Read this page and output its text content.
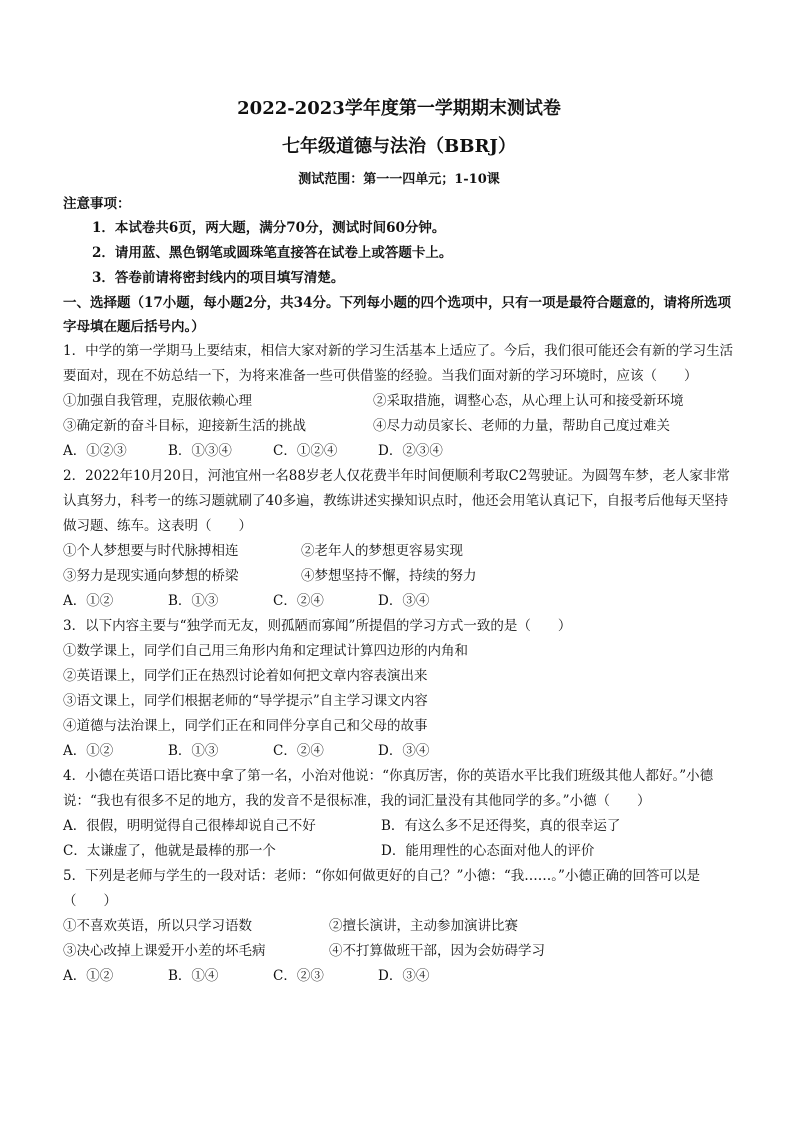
2022-2023学年度第一学期期末测试卷
七年级道德与法治（BBRJ）
测试范围：第一一四单元；1-10课
注意事项：
1．本试卷共6页，两大题，满分70分，测试时间60分钟。
2．请用蓝、黑色钢笔或圆珠笔直接答在试卷上或答题卡上。
3．答卷前请将密封线内的项目填写清楚。
一、选择题（17小题，每小题2分，共34分。下列每小题的四个选项中，只有一项是最符合题意的，请将所选项字母填在题后括号内。）
1．中学的第一学期马上要结束，相信大家对新的学习生活基本上适应了。今后，我们很可能还会有新的学习生活要面对，现在不妨总结一下，为将来准备一些可供借鉴的经验。当我们面对新的学习环境时，应该（　　）
①加强自我管理，克服依赖心理	②采取措施，调整心态，从心理上认可和接受新环境
③确定新的奋斗目标，迎接新生活的挑战	④尽力动员家长、老师的力量，帮助自己度过难关
A．①②③	B．①③④	C．①②④	D．②③④
2．2022年10月20日，河池宜州一名88岁老人仅花费半年时间便顺利考取C2驾驶证。为圆驾车梦，老人家非常认真努力，科考一的练习题就刷了40多遍，教练讲述实操知识点时，他还会用笔认真记下，自报考后他每天坚持做习题、练车。这表明（　　）
①个人梦想要与时代脉搏相连	②老年人的梦想更容易实现
③努力是现实通向梦想的桥梁	④梦想坚持不懈，持续的努力
A．①②	B．①③	C．②④	D．③④
3．以下内容主要与“独学而无友，则孤陋而寡闻”所提倡的学习方式一致的是（　　）
①数学课上，同学们自己用三角形内角和定理试计算四边形的内角和
②英语课上，同学们正在热烈讨论着如何把文章内容表演出来
③语文课上，同学们根据老师的“导学提示”自主学习课文内容
④道德与法治课上，同学们正在和同伴分享自己和父母的故事
A．①②	B．①③	C．②④	D．③④
4．小德在英语口语比赛中拿了第一名，小治对他说：“你真厉害，你的英语水平比我们班级其他人都好。”小德说：“我也有很多不足的地方，我的发音不是很标准，我的词汇量没有其他同学的多。”小德（　　）
A．很假，明明觉得自己很棒却说自己不好	B．有这么多不足还得奖，真的很幸运了
C．太谦虚了，他就是最棒的那一个	D．能用理性的心态面对他人的评价
5．下列是老师与学生的一段对话：老师：“你如何做更好的自己？”小德：“我……。”小德正确的回答可以是（　　）
①不喜欢英语，所以只学习语数	②擅长演讲，主动参加演讲比赛
③决心改掉上课爱开小差的坏毛病	④不打算做班干部，因为会妨碍学习
A．①②	B．①④	C．②③	D．③④
